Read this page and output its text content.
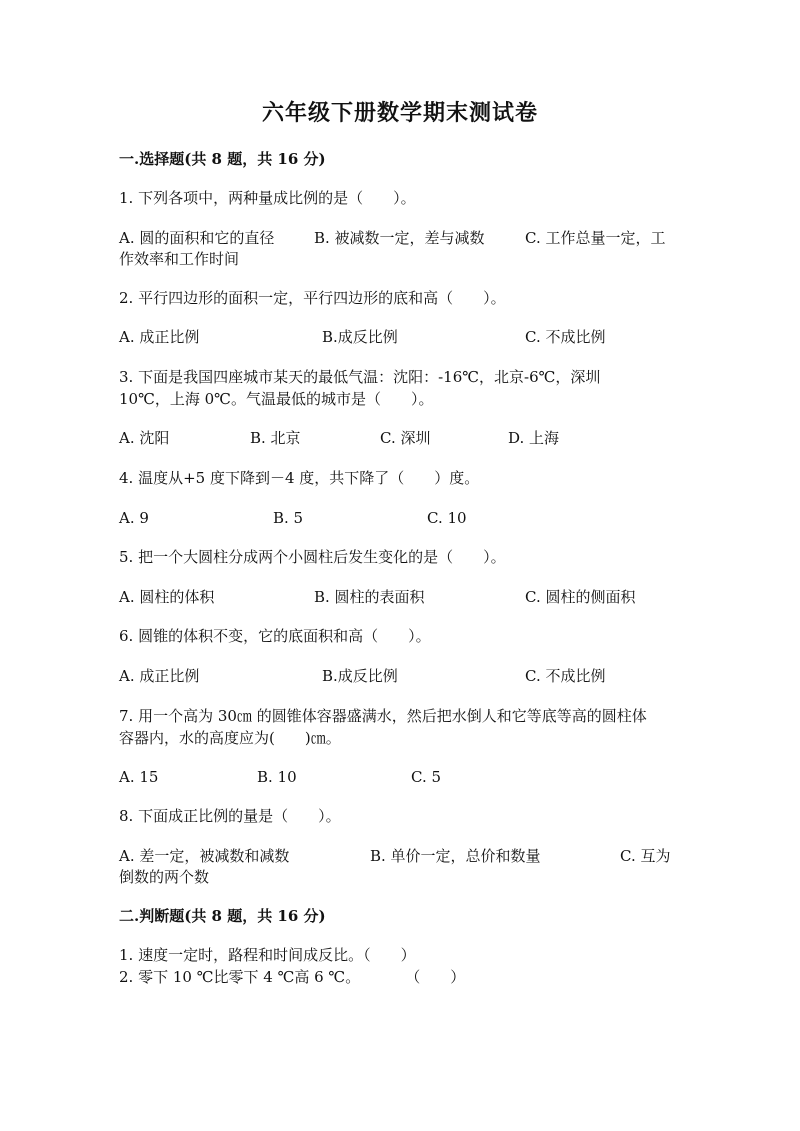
六年级下册数学期末测试卷
一.选择题(共 8 题，共 16 分)
1. 下列各项中，两种量成比例的是（　　）。
A. 圆的面积和它的直径	B. 被减数一定，差与减数	C. 工作总量一定，工
作效率和工作时间
2. 平行四边形的面积一定，平行四边形的底和高（　　）。
A. 成正比例	B.成反比例	C. 不成比例
3. 下面是我国四座城市某天的最低气温：沈阳：-16℃，北京-6℃，深圳
10℃，上海 0℃。气温最低的城市是（　　）。
A. 沈阳	B. 北京	C. 深圳	D. 上海
4. 温度从+5 度下降到－4 度，共下降了（　　）度。
A. 9	B. 5	C. 10
5. 把一个大圆柱分成两个小圆柱后发生变化的是（　　）。
A. 圆柱的体积	B. 圆柱的表面积	C. 圆柱的侧面积
6. 圆锥的体积不变，它的底面积和高（　　）。
A. 成正比例	B.成反比例	C. 不成比例
7. 用一个高为 30㎝ 的圆锥体容器盛满水，然后把水倒人和它等底等高的圆柱体
容器内，水的高度应为(　　)㎝。
A. 15	B. 10	C. 5
8. 下面成正比例的量是（　　）。
A. 差一定，被减数和减数	B. 单价一定，总价和数量	C. 互为
倒数的两个数
二.判断题(共 8 题，共 16 分)
1. 速度一定时，路程和时间成反比。（　　）
2. 零下 10 ℃比零下 4 ℃高 6 ℃。　　　　（　　）
